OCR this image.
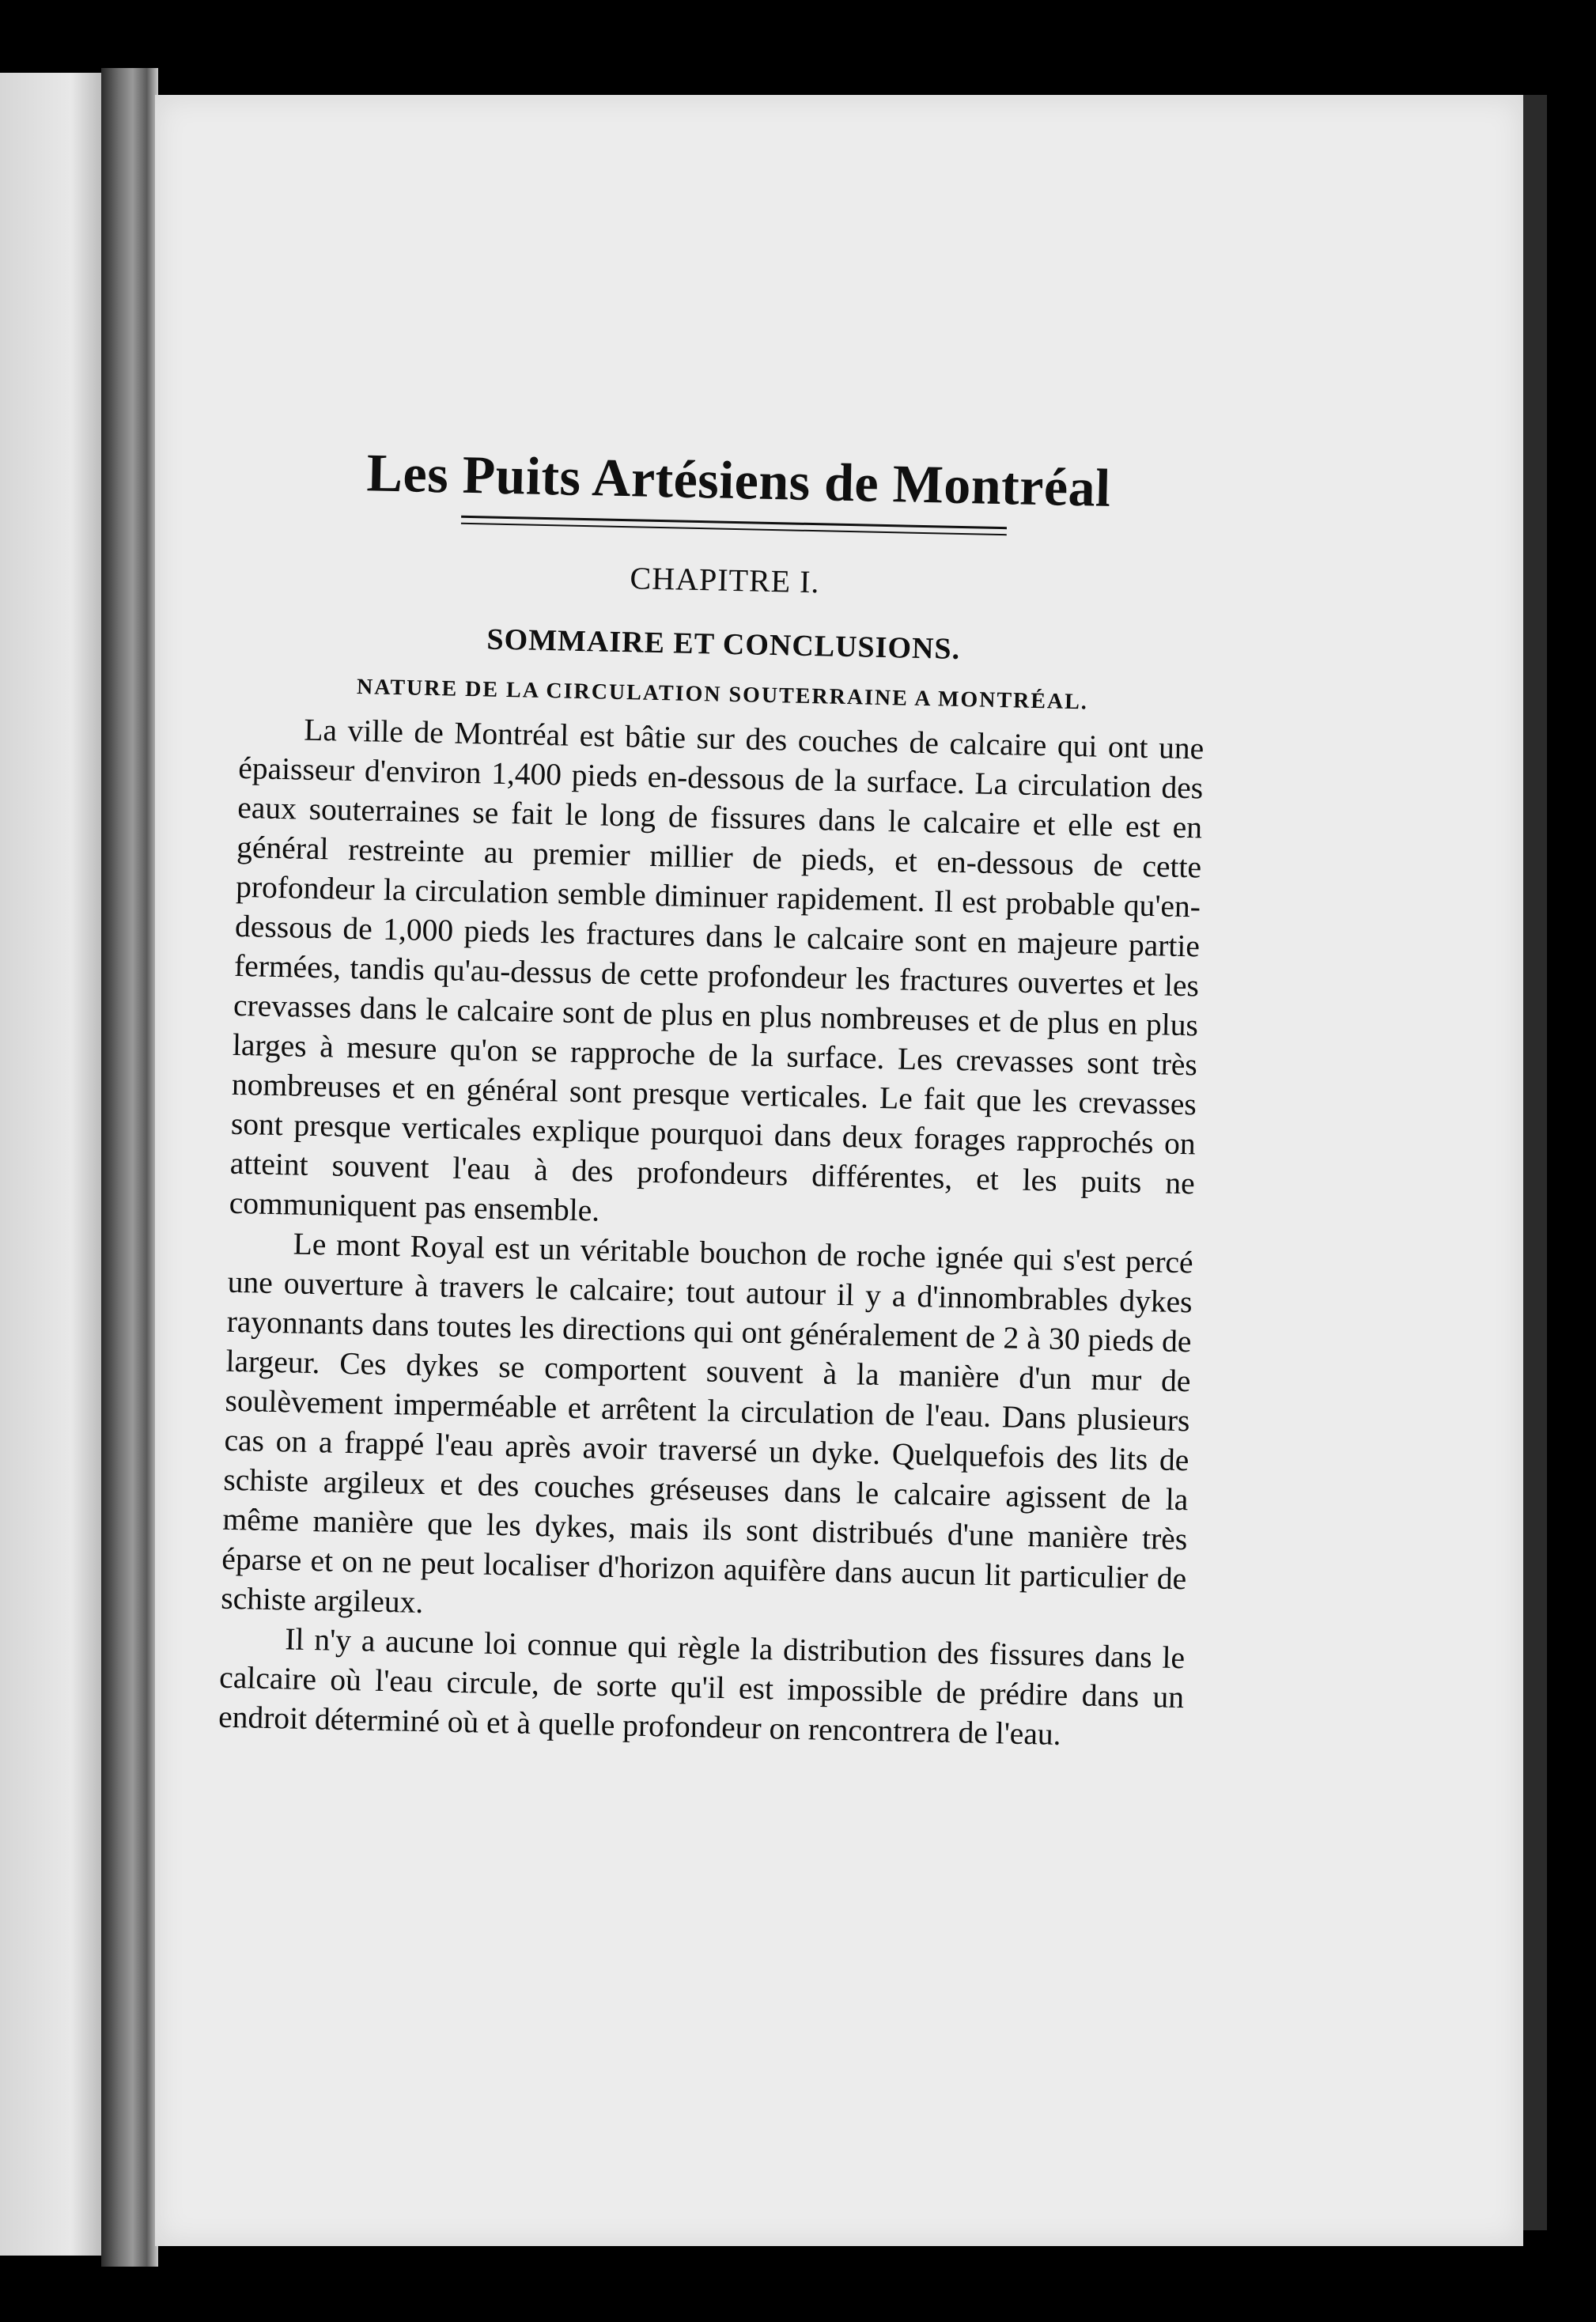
Les Puits Artésiens de Montréal
CHAPITRE I.
SOMMAIRE ET CONCLUSIONS.
NATURE DE LA CIRCULATION SOUTERRAINE A MONTRÉAL.

La ville de Montréal est bâtie sur des couches de calcaire qui ont une épaisseur d'environ 1,400 pieds en-dessous de la surface. La circulation des eaux souterraines se fait le long de fissures dans le calcaire et elle est en général restreinte au premier millier de pieds, et en-dessous de cette profondeur la circulation semble diminuer rapidement. Il est probable qu'en-dessous de 1,000 pieds les fractures dans le calcaire sont en majeure partie fermées, tandis qu'au-dessus de cette profondeur les fractures ouvertes et les crevasses dans le calcaire sont de plus en plus nombreuses et de plus en plus larges à mesure qu'on se rapproche de la surface. Les crevasses sont très nombreuses et en général sont presque verticales. Le fait que les crevasses sont presque verticales explique pourquoi dans deux forages rapprochés on atteint souvent l'eau à des profondeurs différentes, et les puits ne communiquent pas ensemble.

Le mont Royal est un véritable bouchon de roche ignée qui s'est percé une ouverture à travers le calcaire; tout autour il y a d'innombrables dykes rayonnants dans toutes les directions qui ont généralement de 2 à 30 pieds de largeur. Ces dykes se comportent souvent à la manière d'un mur de soulèvement imperméable et arrêtent la circulation de l'eau. Dans plusieurs cas on a frappé l'eau après avoir traversé un dyke. Quelquefois des lits de schiste argileux et des couches gréseuses dans le calcaire agissent de la même manière que les dykes, mais ils sont distribués d'une manière très éparse et on ne peut localiser d'horizon aquifère dans aucun lit particulier de schiste argileux.

Il n'y a aucune loi connue qui règle la distribution des fissures dans le calcaire où l'eau circule, de sorte qu'il est impossible de prédire dans un endroit déterminé où et à quelle profondeur on rencontrera de l'eau.
